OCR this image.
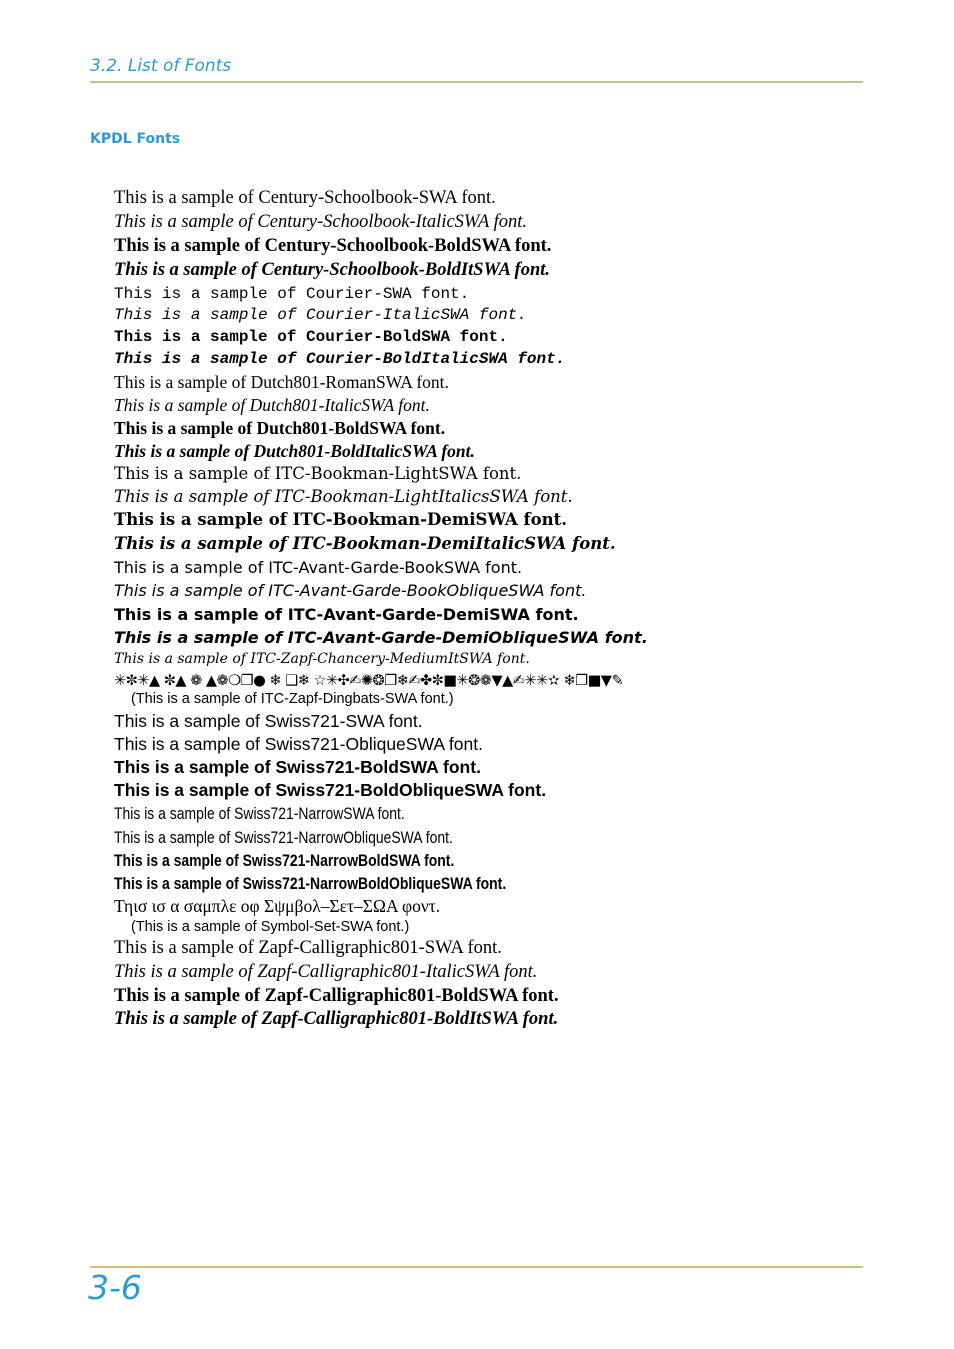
3.2. List of Fonts
KPDL Fonts
This is a sample of Century-Schoolbook-SWA font.
This is a sample of Century-Schoolbook-ItalicSWA font.
This is a sample of Century-Schoolbook-BoldSWA font.
This is a sample of Century-Schoolbook-BoldItSWA font.
This is a sample of Courier-SWA font.
This is a sample of Courier-ItalicSWA font.
This is a sample of Courier-BoldSWA font.
This is a sample of Courier-BoldItalicSWA font.
This is a sample of Dutch801-RomanSWA font.
This is a sample of Dutch801-ItalicSWA font.
This is a sample of Dutch801-BoldSWA font.
This is a sample of Dutch801-BoldItalicSWA font.
This is a sample of ITC-Bookman-LightSWA font.
This is a sample of ITC-Bookman-LightItalicsSWA font.
This is a sample of ITC-Bookman-DemiSWA font.
This is a sample of ITC-Bookman-DemiItalicSWA font.
This is a sample of ITC-Avant-Garde-BookSWA font.
This is a sample of ITC-Avant-Garde-BookObliqueSWA font.
This is a sample of ITC-Avant-Garde-DemiSWA font.
This is a sample of ITC-Avant-Garde-DemiObliqueSWA font.
This is a sample of ITC-Zapf-Chancery-MediumItSWA font.
✳✼✳▲ ✼▲ ❁ ▲❁❍❐● ❄ ❑❄ ☆✳✣✍✺❂❐❄✍✤✼■✳❂❁▼▲✍✳✳✫ ❄❐■▼✎
(This is a sample of ITC-Zapf-Dingbats-SWA font.)
This is a sample of Swiss721-SWA font.
This is a sample of Swiss721-ObliqueSWA font.
This is a sample of Swiss721-BoldSWA font.
This is a sample of Swiss721-BoldObliqueSWA font.
This is a sample of Swiss721-NarrowSWA font.
This is a sample of Swiss721-NarrowObliqueSWA font.
This is a sample of Swiss721-NarrowBoldSWA font.
This is a sample of Swiss721-NarrowBoldObliqueSWA font.
Τηισ ισ α σαμπλε οφ Σψμβολ–Σετ–ΣΩΑ φοντ.
(This is a sample of Symbol-Set-SWA font.)
This is a sample of Zapf-Calligraphic801-SWA font.
This is a sample of Zapf-Calligraphic801-ItalicSWA font.
This is a sample of Zapf-Calligraphic801-BoldSWA font.
This is a sample of Zapf-Calligraphic801-BoldItSWA font.
3-6
